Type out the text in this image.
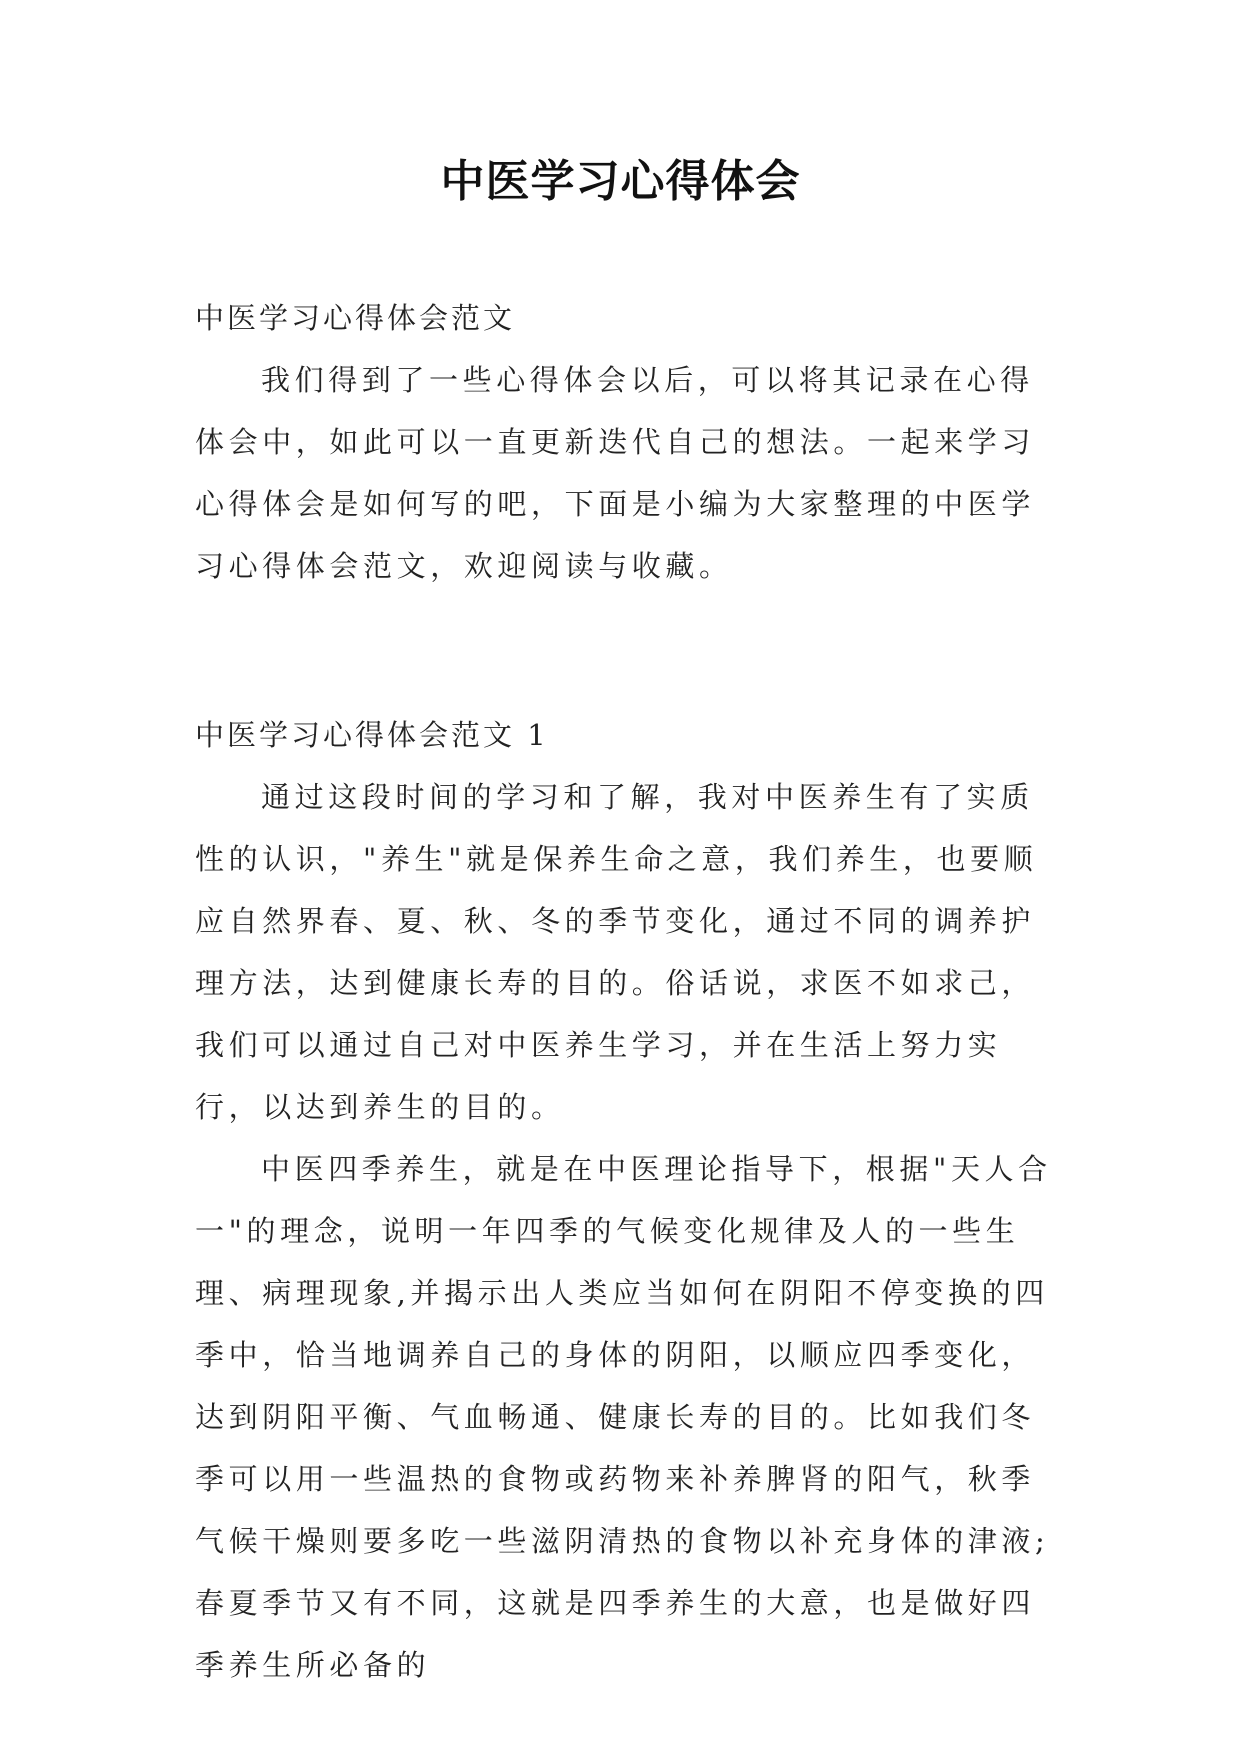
中医学习心得体会
中医学习心得体会范文

我们得到了一些心得体会以后，可以将其记录在心得体会中，如此可以一直更新迭代自己的想法。一起来学习心得体会是如何写的吧，下面是小编为大家整理的中医学习心得体会范文，欢迎阅读与收藏。

中医学习心得体会范文 1

通过这段时间的学习和了解，我对中医养生有了实质性的认识，"养生"就是保养生命之意，我们养生，也要顺应自然界春、夏、秋、冬的季节变化，通过不同的调养护理方法，达到健康长寿的目的。俗话说，求医不如求己，我们可以通过自己对中医养生学习，并在生活上努力实行，以达到养生的目的。

中医四季养生，就是在中医理论指导下，根据"天人合一"的理念，说明一年四季的气候变化规律及人的一些生理、病理现象,并揭示出人类应当如何在阴阳不停变换的四季中，恰当地调养自己的身体的阴阳，以顺应四季变化，达到阴阳平衡、气血畅通、健康长寿的目的。比如我们冬季可以用一些温热的食物或药物来补养脾肾的阳气，秋季气候干燥则要多吃一些滋阴清热的食物以补充身体的津液;春夏季节又有不同，这就是四季养生的大意，也是做好四季养生所必备的
